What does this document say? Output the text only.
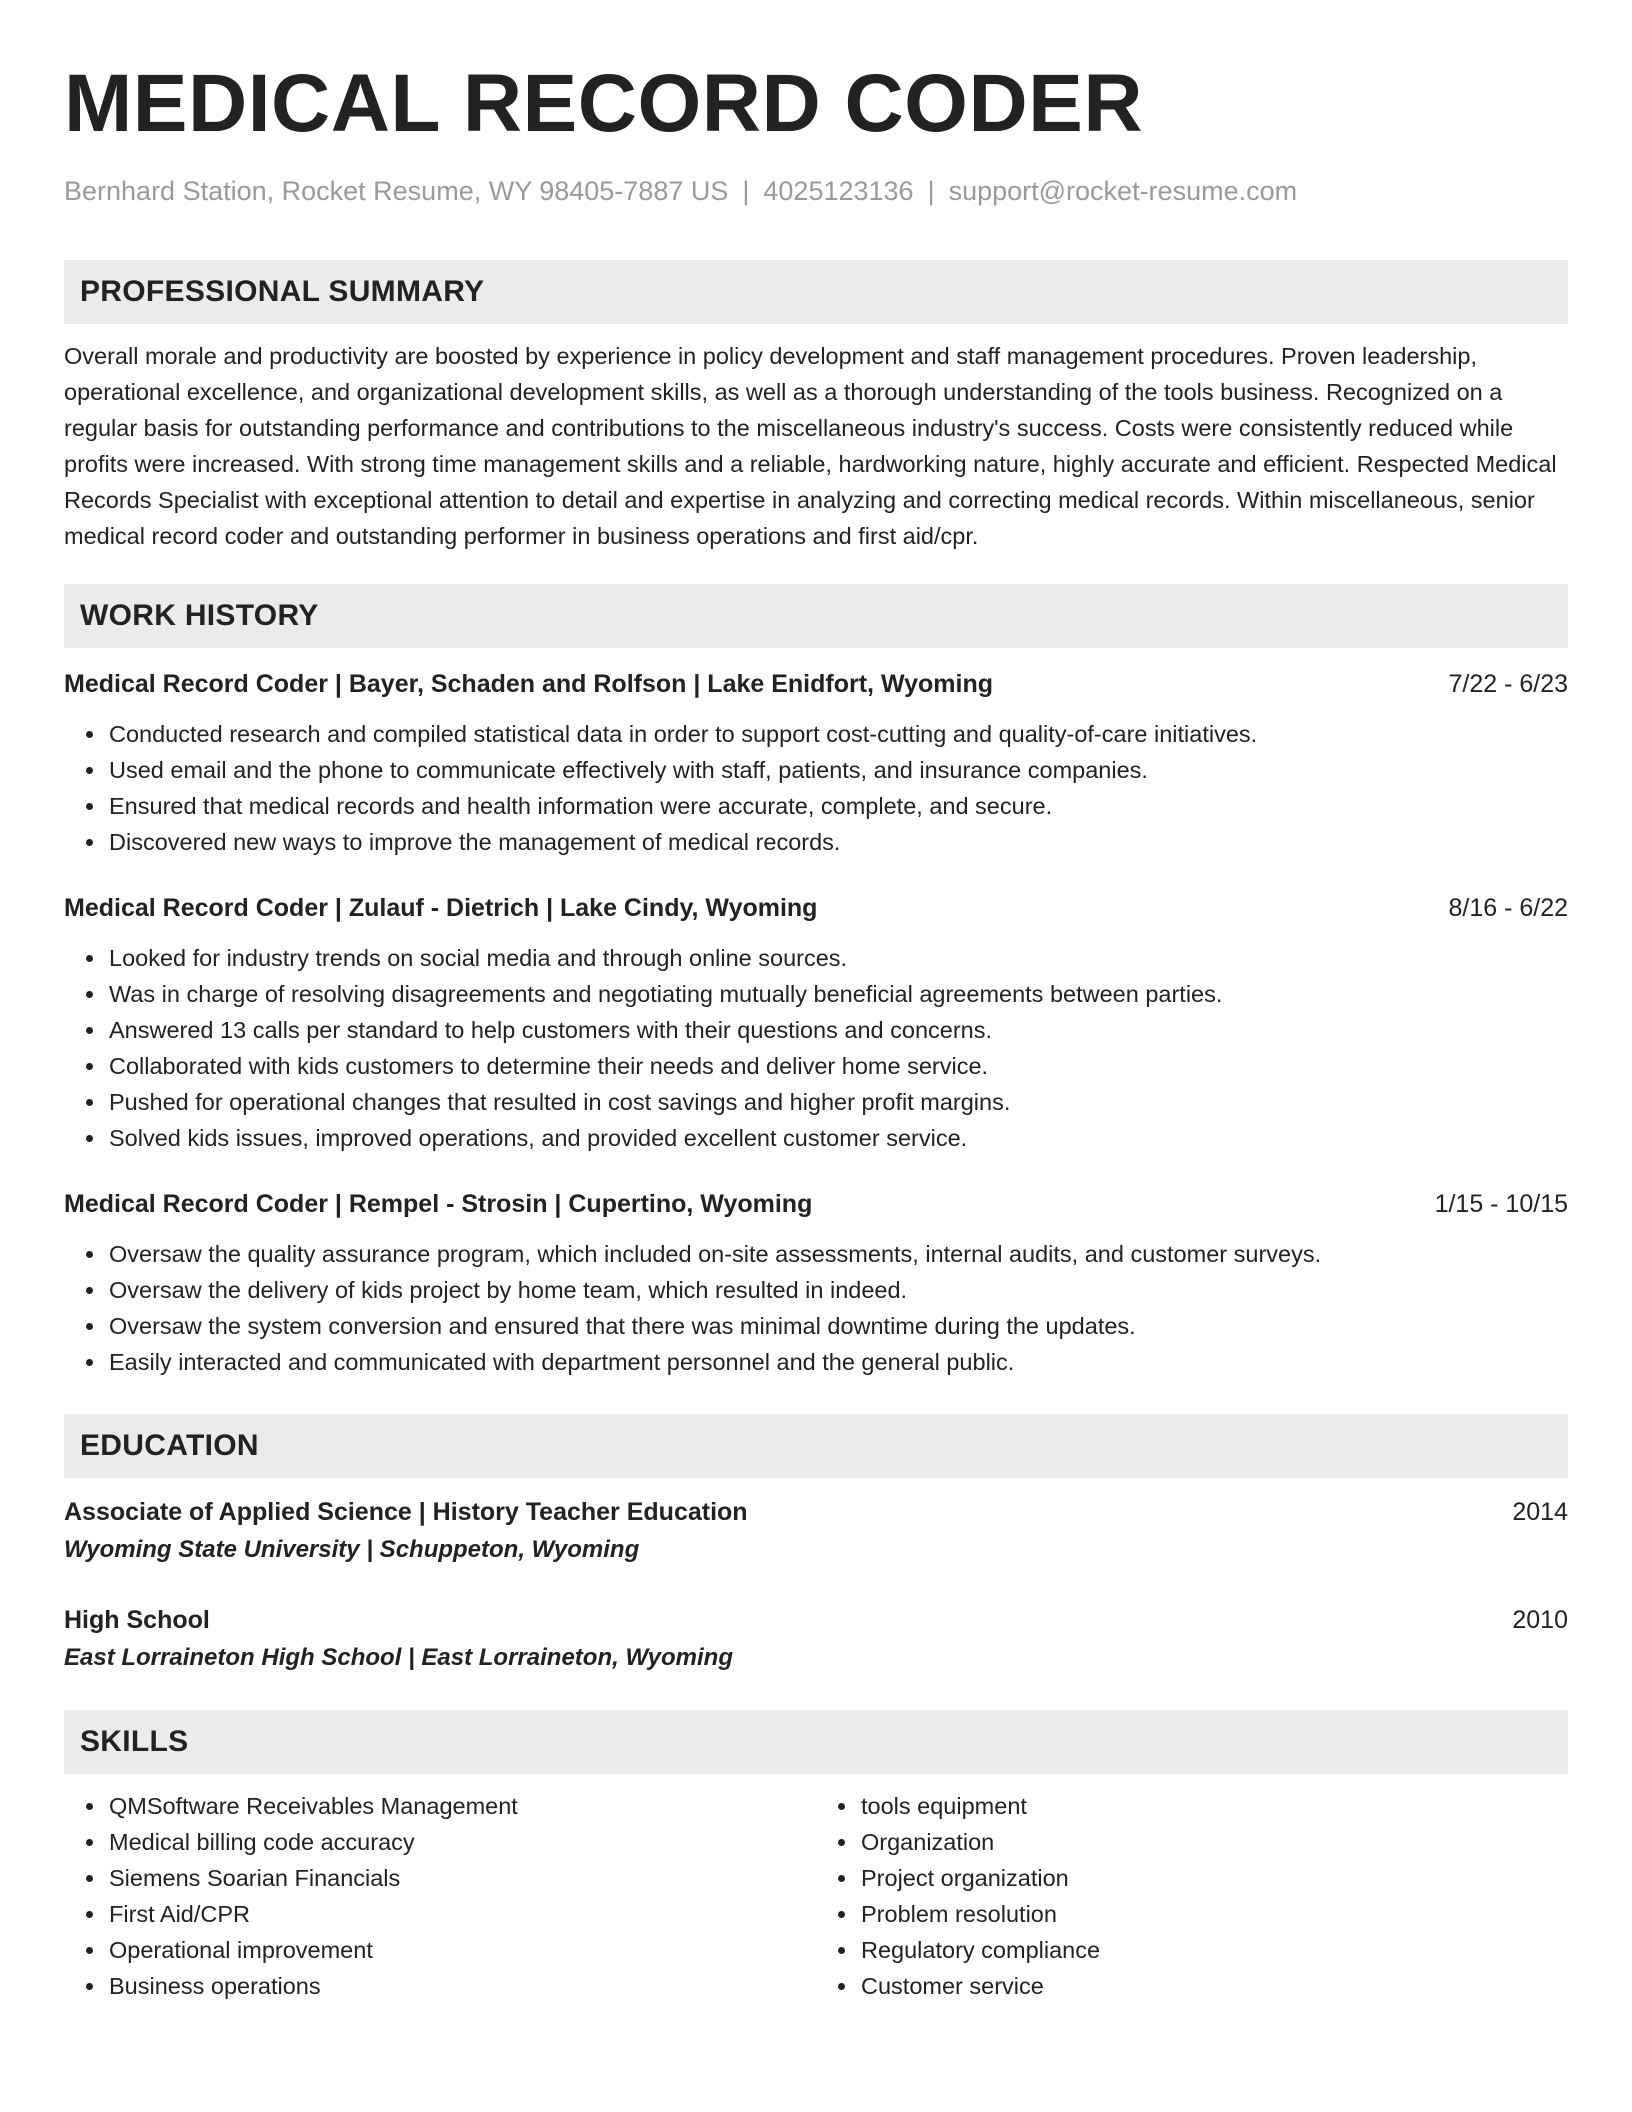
MEDICAL RECORD CODER
Bernhard Station, Rocket Resume, WY 98405-7887 US | 4025123136 | support@rocket-resume.com
PROFESSIONAL SUMMARY

Overall morale and productivity are boosted by experience in policy development and staff management procedures. Proven leadership, operational excellence, and organizational development skills, as well as a thorough understanding of the tools business. Recognized on a regular basis for outstanding performance and contributions to the miscellaneous industry's success. Costs were consistently reduced while profits were increased. With strong time management skills and a reliable, hardworking nature, highly accurate and efficient. Respected Medical Records Specialist with exceptional attention to detail and expertise in analyzing and correcting medical records. Within miscellaneous, senior medical record coder and outstanding performer in business operations and first aid/cpr.

WORK HISTORY
Medical Record Coder | Bayer, Schaden and Rolfson | Lake Enidfort, Wyoming	7/22 - 6/23
• Conducted research and compiled statistical data in order to support cost-cutting and quality-of-care initiatives.
• Used email and the phone to communicate effectively with staff, patients, and insurance companies.
• Ensured that medical records and health information were accurate, complete, and secure.
• Discovered new ways to improve the management of medical records.
Medical Record Coder | Zulauf - Dietrich | Lake Cindy, Wyoming	8/16 - 6/22
• Looked for industry trends on social media and through online sources.
• Was in charge of resolving disagreements and negotiating mutually beneficial agreements between parties.
• Answered 13 calls per standard to help customers with their questions and concerns.
• Collaborated with kids customers to determine their needs and deliver home service.
• Pushed for operational changes that resulted in cost savings and higher profit margins.
• Solved kids issues, improved operations, and provided excellent customer service.
Medical Record Coder | Rempel - Strosin | Cupertino, Wyoming	1/15 - 10/15
• Oversaw the quality assurance program, which included on-site assessments, internal audits, and customer surveys.
• Oversaw the delivery of kids project by home team, which resulted in indeed.
• Oversaw the system conversion and ensured that there was minimal downtime during the updates.
• Easily interacted and communicated with department personnel and the general public.
EDUCATION
Associate of Applied Science | History Teacher Education	2014
Wyoming State University | Schuppeton, Wyoming
High School	2010
East Lorraineton High School | East Lorraineton, Wyoming
SKILLS
• QMSoftware Receivables Management
• Medical billing code accuracy
• Siemens Soarian Financials
• First Aid/CPR
• Operational improvement
• Business operations
• tools equipment
• Organization
• Project organization
• Problem resolution
• Regulatory compliance
• Customer service
